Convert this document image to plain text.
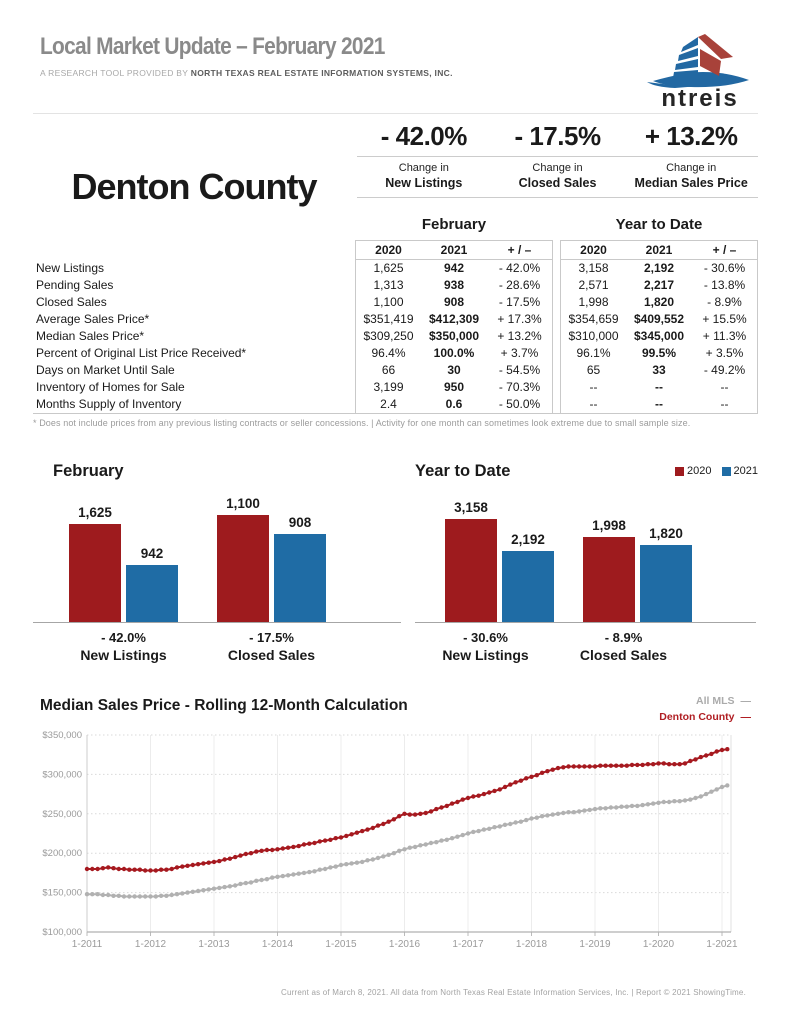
Local Market Update – February 2021
A RESEARCH TOOL PROVIDED BY NORTH TEXAS REAL ESTATE INFORMATION SYSTEMS, INC.
ntreis
- 42.0%	- 17.5%	+ 13.2%
Change in
New Listings
Change in
Closed Sales
Change in
Median Sales Price
Denton County
February	Year to Date
2020	2021	+ / –	2020	2021	+ / –
New Listings	1,625	942	- 42.0%	3,158	2,192	- 30.6%
Pending Sales	1,313	938	- 28.6%	2,571	2,217	- 13.8%
Closed Sales	1,100	908	- 17.5%	1,998	1,820	- 8.9%
Average Sales Price*	$351,419	$412,309	+ 17.3%	$354,659	$409,552	+ 15.5%
Median Sales Price*	$309,250	$350,000	+ 13.2%	$310,000	$345,000	+ 11.3%
Percent of Original List Price Received*	96.4%	100.0%	+ 3.7%	96.1%	99.5%	+ 3.5%
Days on Market Until Sale	66	30	- 54.5%	65	33	- 49.2%
Inventory of Homes for Sale	3,199	950	- 70.3%	--	--	--
Months Supply of Inventory	2.4	0.6	- 50.0%	--	--	--
* Does not include prices from any previous listing contracts or seller concessions. | Activity for one month can sometimes look extreme due to small sample size.
February
1,625
942
1,100
908
- 42.0%
New Listings
- 17.5%
Closed Sales
Year to Date	2020 2021
3,158
2,192
1,998
1,820
- 30.6%
New Listings
- 8.9%
Closed Sales
Median Sales Price - Rolling 12-Month Calculation	All MLS —
Denton County —
$350,000
$300,000
$250,000
$200,000
$150,000
$100,000
1-2011	1-2012	1-2013	1-2014	1-2015	1-2016	1-2017	1-2018	1-2019	1-2020	1-2021
Current as of March 8, 2021. All data from North Texas Real Estate Information Services, Inc. | Report © 2021 ShowingTime.
